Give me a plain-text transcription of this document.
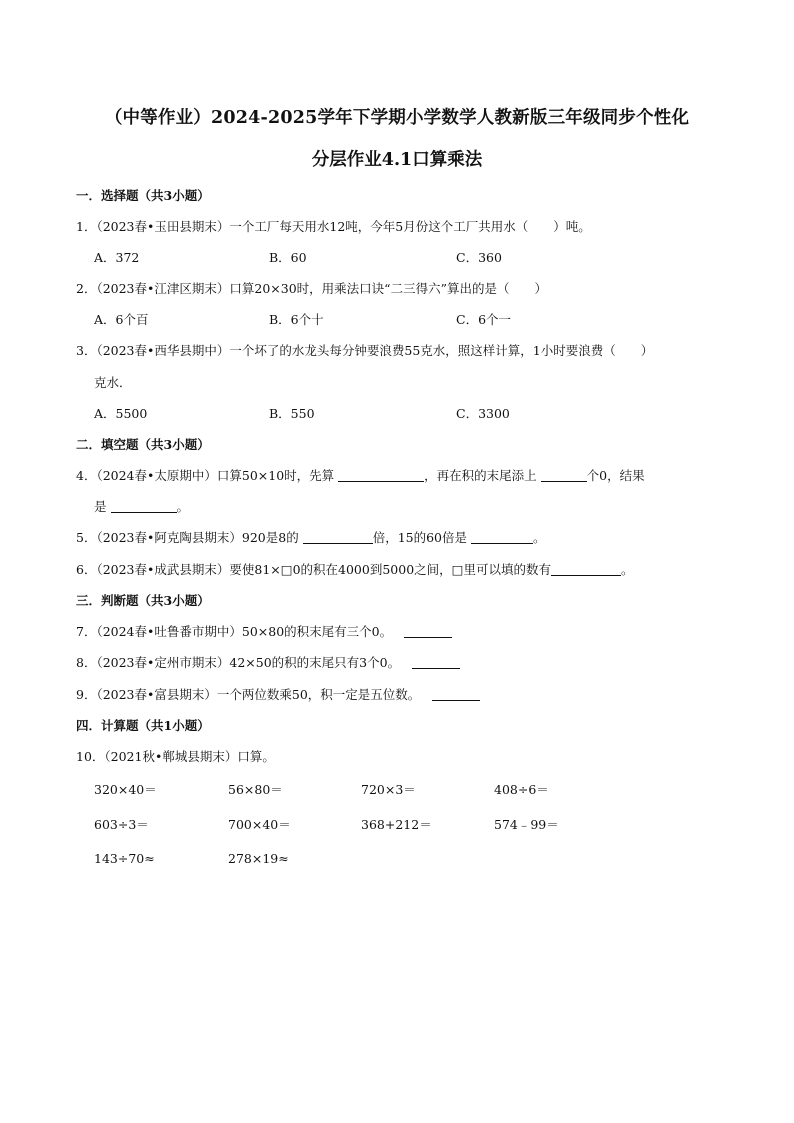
（中等作业）2024-2025学年下学期小学数学人教新版三年级同步个性化
分层作业4.1口算乘法
一．选择题（共3小题）
1．（2023春•玉田县期末）一个工厂每天用水12吨，今年5月份这个工厂共用水（　　）吨。
A．372	B．60	C．360
2．（2023春•江津区期末）口算20×30时，用乘法口诀“二三得六”算出的是（　　）
A．6个百	B．6个十	C．6个一
3．（2023春•西华县期中）一个坏了的水龙头每分钟要浪费55克水，照这样计算，1小时要浪费（　　）
克水．
A．5500	B．550	C．3300
二．填空题（共3小题）
4．（2024春•太原期中）口算50×10时，先算	，再在积的末尾添上	个0，结果
是	。
5．（2023春•阿克陶县期末）920是8的	倍，15的60倍是	。
6．（2023春•成武县期末）要使81×□0的积在4000到5000之间，□里可以填的数有	。
三．判断题（共3小题）
7．（2024春•吐鲁番市期中）50×80的积末尾有三个0。
8．（2023春•定州市期末）42×50的积的末尾只有3个0。
9．（2023春•富县期末）一个两位数乘50，积一定是五位数。
四．计算题（共1小题）
10．（2021秋•郸城县期末）口算。
320×40＝	56×80＝	720×3＝	408÷6＝
603÷3＝	700×40＝	368+212＝	574﹣99＝
143÷70≈	278×19≈
